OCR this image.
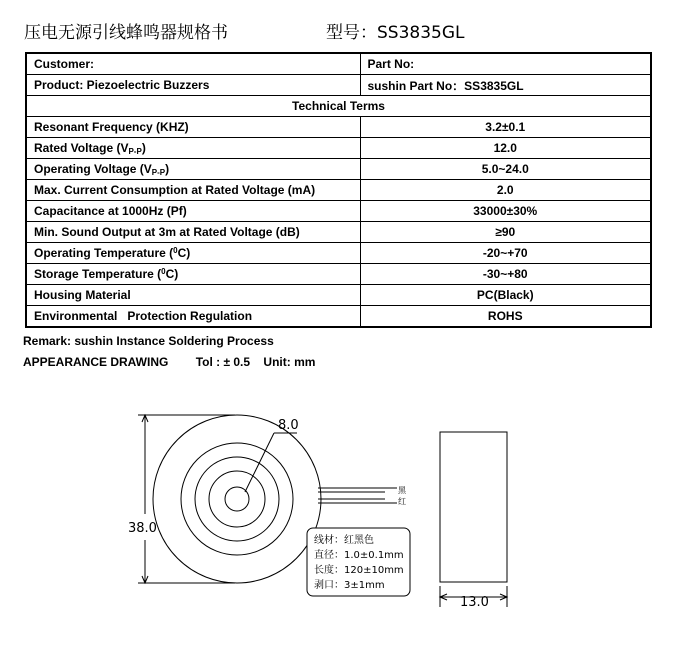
压电无源引线蜂鸣器规格书	型号：SS3835GL
Customer:	Part No:
Product: Piezoelectric Buzzers	sushin Part No：SS3835GL
Technical Terms	
Resonant Frequency (KHZ)	3.2±0.1
Rated Voltage $(V_{P-P})$	12.0
Operating Voltage $(V_{P-P})$	5.0~24.0
Max. Current Consumption at Rated Voltage (mA)	2.0
Capacitance at 1000Hz (Pf)	33000±30%
Min. Sound Output at 3m at Rated Voltage (dB)	≥90
Operating Temperature ($^0$C)	-20~+70
Storage Temperature ($^0$C)	-30~+80
Housing Material	PC(Black)
Environmental   Protection Regulation	ROHS
Remark: sushin Instance Soldering Process
APPEARANCE DRAWING Tol : ± 0.5 Unit: mm
8.0
38.0
黑
红
线材：红黑色
直径：1.0±0.1mm
长度：120±10mm
剥口：3±1mm
13.0
